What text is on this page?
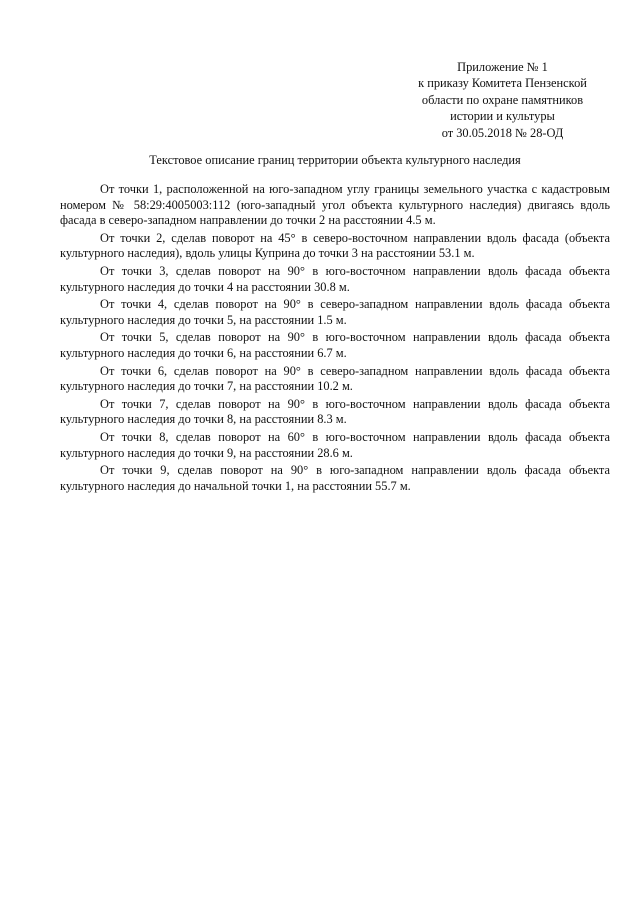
Приложение № 1
к приказу Комитета Пензенской
области по охране памятников
истории и культуры
от 30.05.2018 № 28-ОД
Текстовое описание границ территории объекта культурного наследия

От точки 1, расположенной на юго-западном углу границы земельного участка с кадастровым номером № 58:29:4005003:112 (юго-западный угол объекта культурного наследия) двигаясь вдоль фасада в северо-западном направлении до точки 2 на расстоянии 4.5 м.

От точки 2, сделав поворот на 45° в северо-восточном направлении вдоль фасада (объекта культурного наследия), вдоль улицы Куприна до точки 3 на расстоянии 53.1 м.

От точки 3, сделав поворот на 90° в юго-восточном направлении вдоль фасада объекта культурного наследия до точки 4 на расстоянии 30.8 м.

От точки 4, сделав поворот на 90° в северо-западном направлении вдоль фасада объекта культурного наследия до точки 5, на расстоянии 1.5 м.

От точки 5, сделав поворот на 90° в юго-восточном направлении вдоль фасада объекта культурного наследия до точки 6, на расстоянии 6.7 м.

От точки 6, сделав поворот на 90° в северо-западном направлении вдоль фасада объекта культурного наследия до точки 7, на расстоянии 10.2 м.

От точки 7, сделав поворот на 90° в юго-восточном направлении вдоль фасада объекта культурного наследия до точки 8, на расстоянии 8.3 м.

От точки 8, сделав поворот на 60° в юго-восточном направлении вдоль фасада объекта культурного наследия до точки 9, на расстоянии 28.6 м.

От точки 9, сделав поворот на 90° в юго-западном направлении вдоль фасада объекта культурного наследия до начальной точки 1, на расстоянии 55.7 м.
